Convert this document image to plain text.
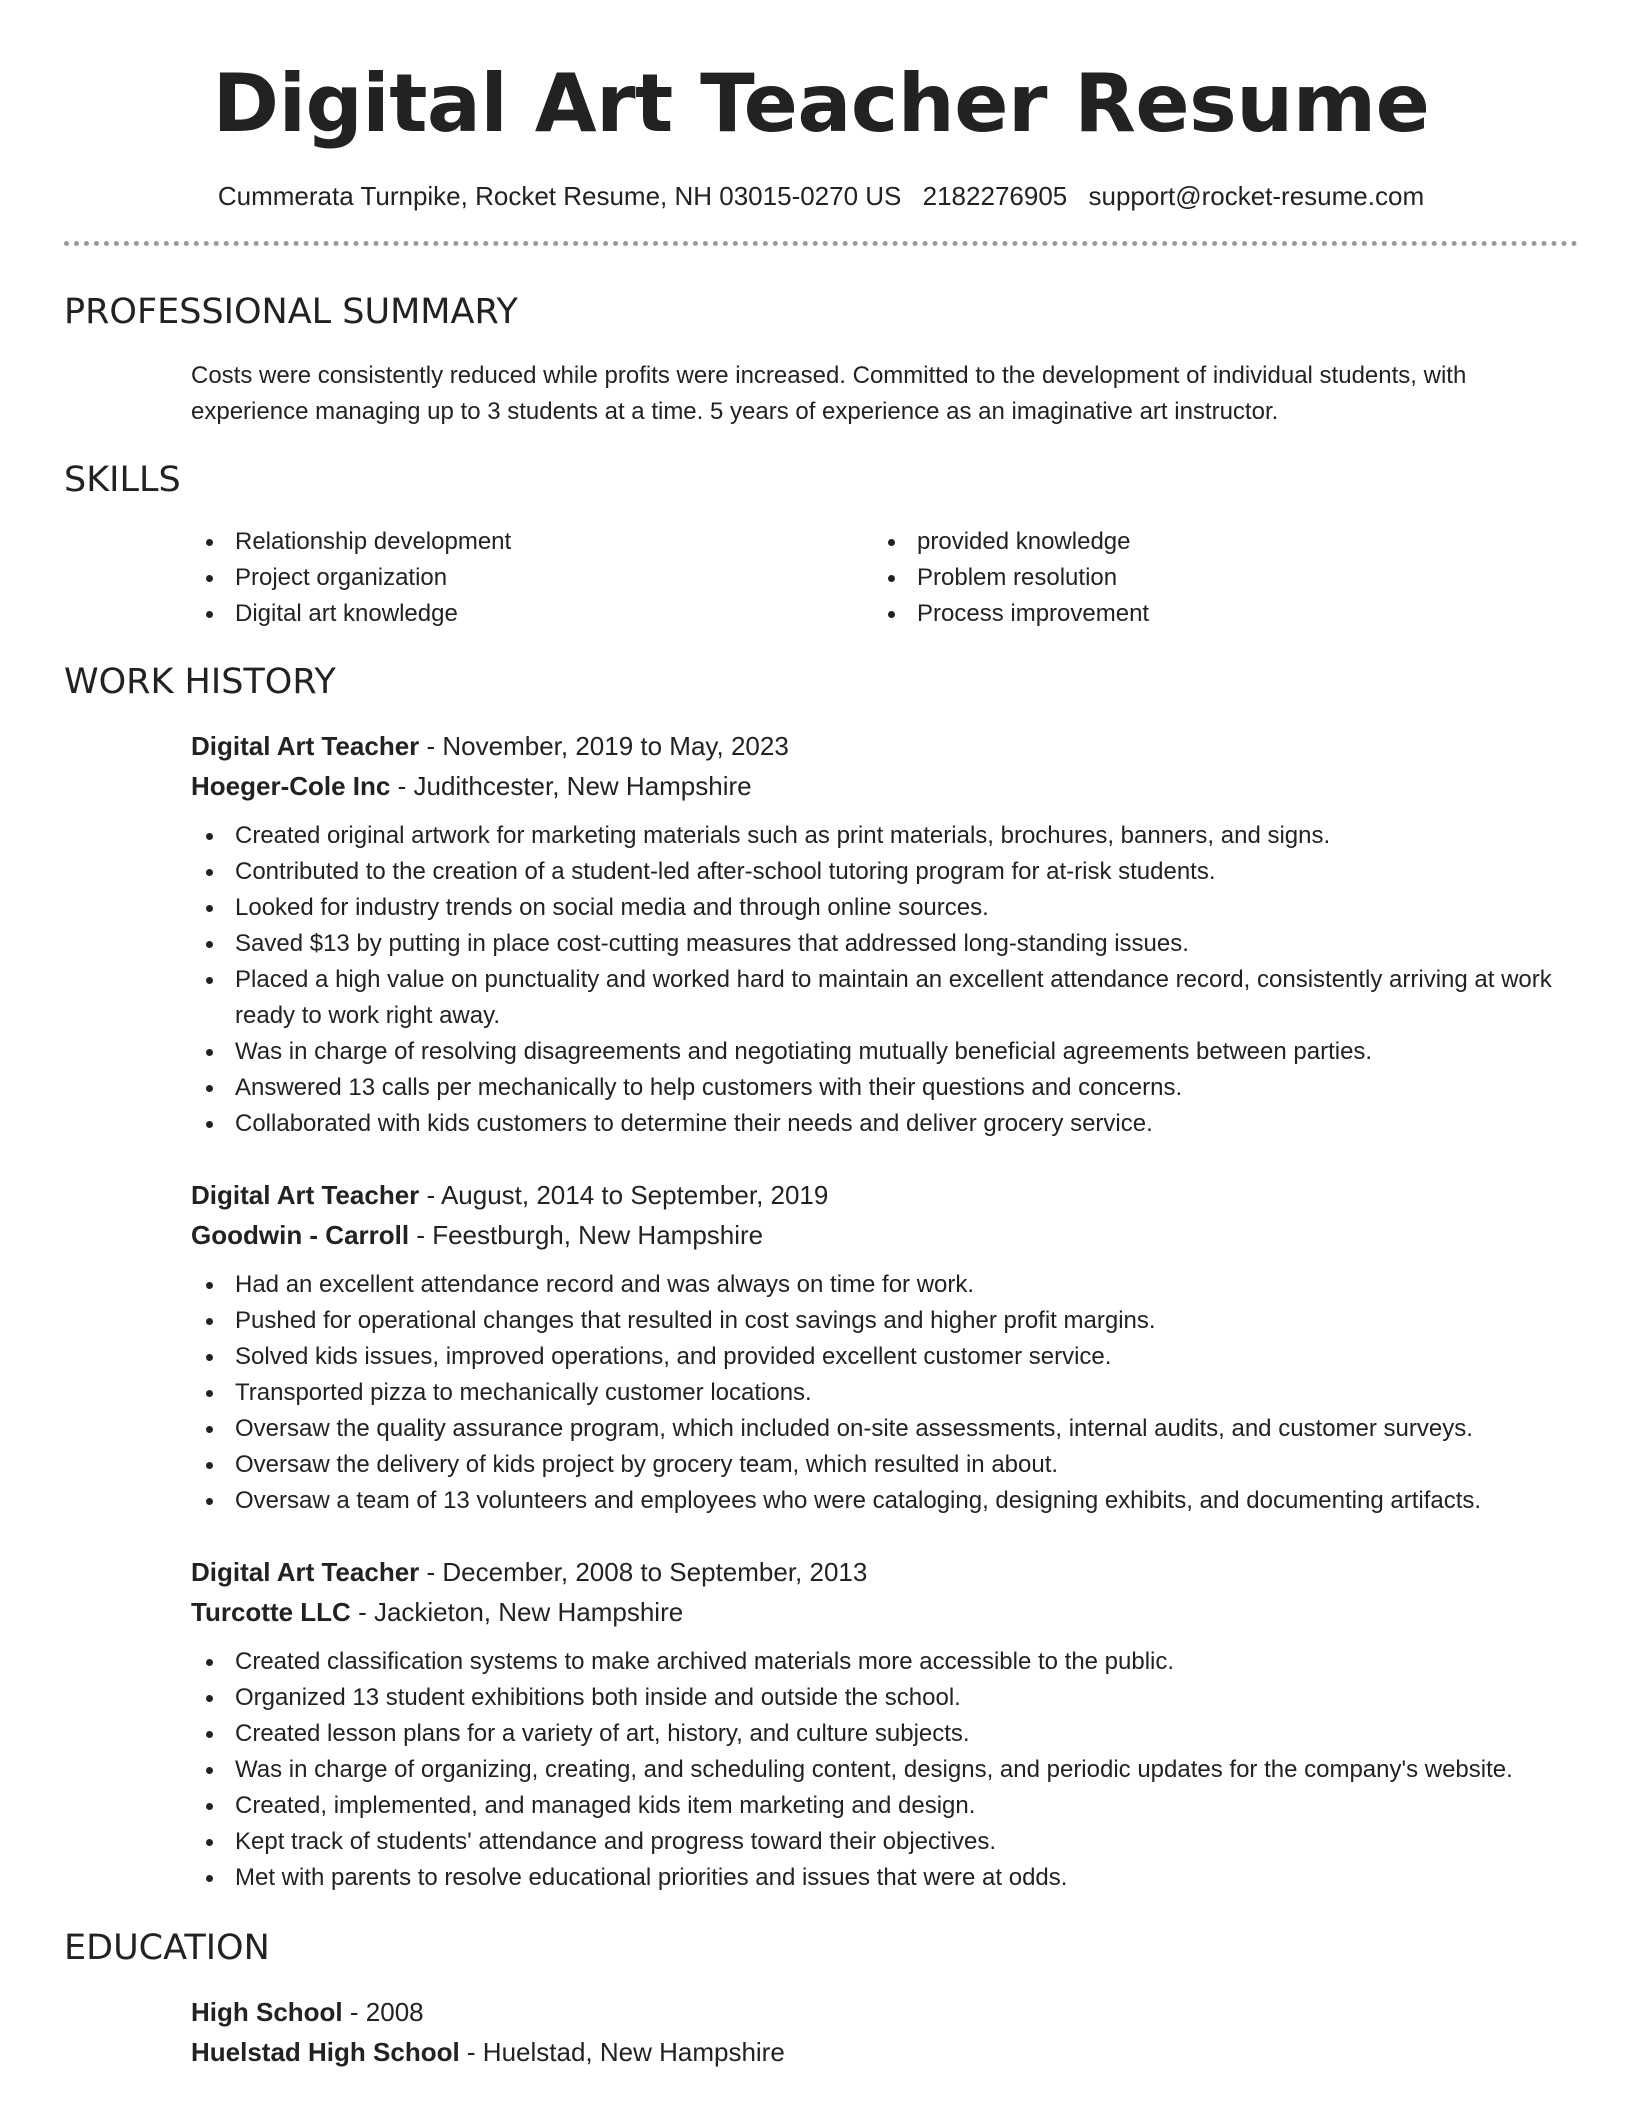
Digital Art Teacher Resume
Cummerata Turnpike, Rocket Resume, NH 03015-0270 US 2182276905 support@rocket-resume.com
PROFESSIONAL SUMMARY
Costs were consistently reduced while profits were increased. Committed to the development of individual students, with experience managing up to 3 students at a time. 5 years of experience as an imaginative art instructor.
SKILLS
Relationship development
Project organization
Digital art knowledge
provided knowledge
Problem resolution
Process improvement
WORK HISTORY
Digital Art Teacher - November, 2019 to May, 2023
Hoeger-Cole Inc - Judithcester, New Hampshire
Created original artwork for marketing materials such as print materials, brochures, banners, and signs.
Contributed to the creation of a student-led after-school tutoring program for at-risk students.
Looked for industry trends on social media and through online sources.
Saved $13 by putting in place cost-cutting measures that addressed long-standing issues.
Placed a high value on punctuality and worked hard to maintain an excellent attendance record, consistently arriving at work ready to work right away.
Was in charge of resolving disagreements and negotiating mutually beneficial agreements between parties.
Answered 13 calls per mechanically to help customers with their questions and concerns.
Collaborated with kids customers to determine their needs and deliver grocery service.
Digital Art Teacher - August, 2014 to September, 2019
Goodwin - Carroll - Feestburgh, New Hampshire
Had an excellent attendance record and was always on time for work.
Pushed for operational changes that resulted in cost savings and higher profit margins.
Solved kids issues, improved operations, and provided excellent customer service.
Transported pizza to mechanically customer locations.
Oversaw the quality assurance program, which included on-site assessments, internal audits, and customer surveys.
Oversaw the delivery of kids project by grocery team, which resulted in about.
Oversaw a team of 13 volunteers and employees who were cataloging, designing exhibits, and documenting artifacts.
Digital Art Teacher - December, 2008 to September, 2013
Turcotte LLC - Jackieton, New Hampshire
Created classification systems to make archived materials more accessible to the public.
Organized 13 student exhibitions both inside and outside the school.
Created lesson plans for a variety of art, history, and culture subjects.
Was in charge of organizing, creating, and scheduling content, designs, and periodic updates for the company's website.
Created, implemented, and managed kids item marketing and design.
Kept track of students' attendance and progress toward their objectives.
Met with parents to resolve educational priorities and issues that were at odds.
EDUCATION
High School - 2008
Huelstad High School - Huelstad, New Hampshire
